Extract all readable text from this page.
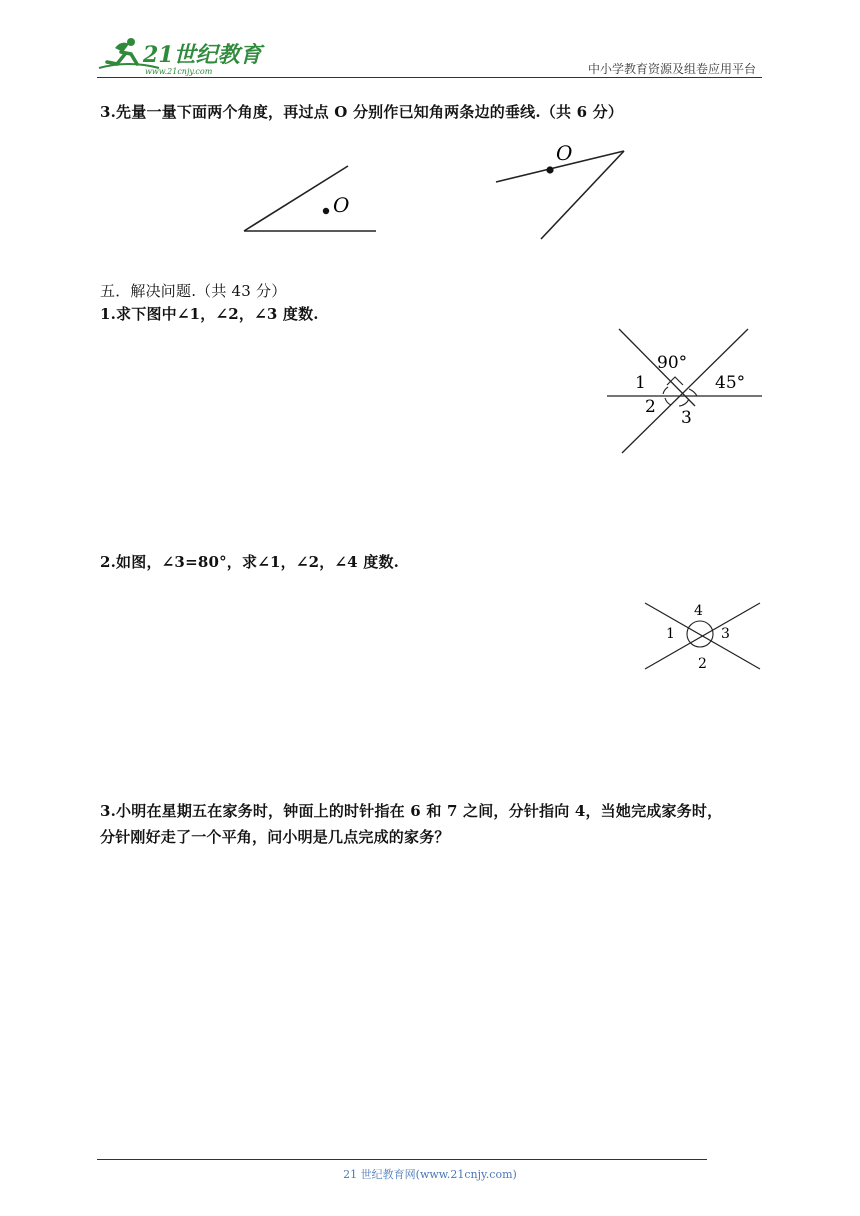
21世纪教育
www.21cnjy.com	中小学教育资源及组卷应用平台
3.先量一量下面两个角度，再过点 O 分别作已知角两条边的垂线.（共 6 分）
O
O
五．解决问题.（共 43 分）
1.求下图中∠1，∠2，∠3 度数.
90°
45°
1
2
3
2.如图，∠3=80°，求∠1，∠2，∠4 度数.
4
1	3
2
3.小明在星期五在家务时，钟面上的时针指在 6 和 7 之间，分针指向 4，当她完成家务时，
分针刚好走了一个平角，问小明是几点完成的家务？
21 世纪教育网(www.21cnjy.com)
